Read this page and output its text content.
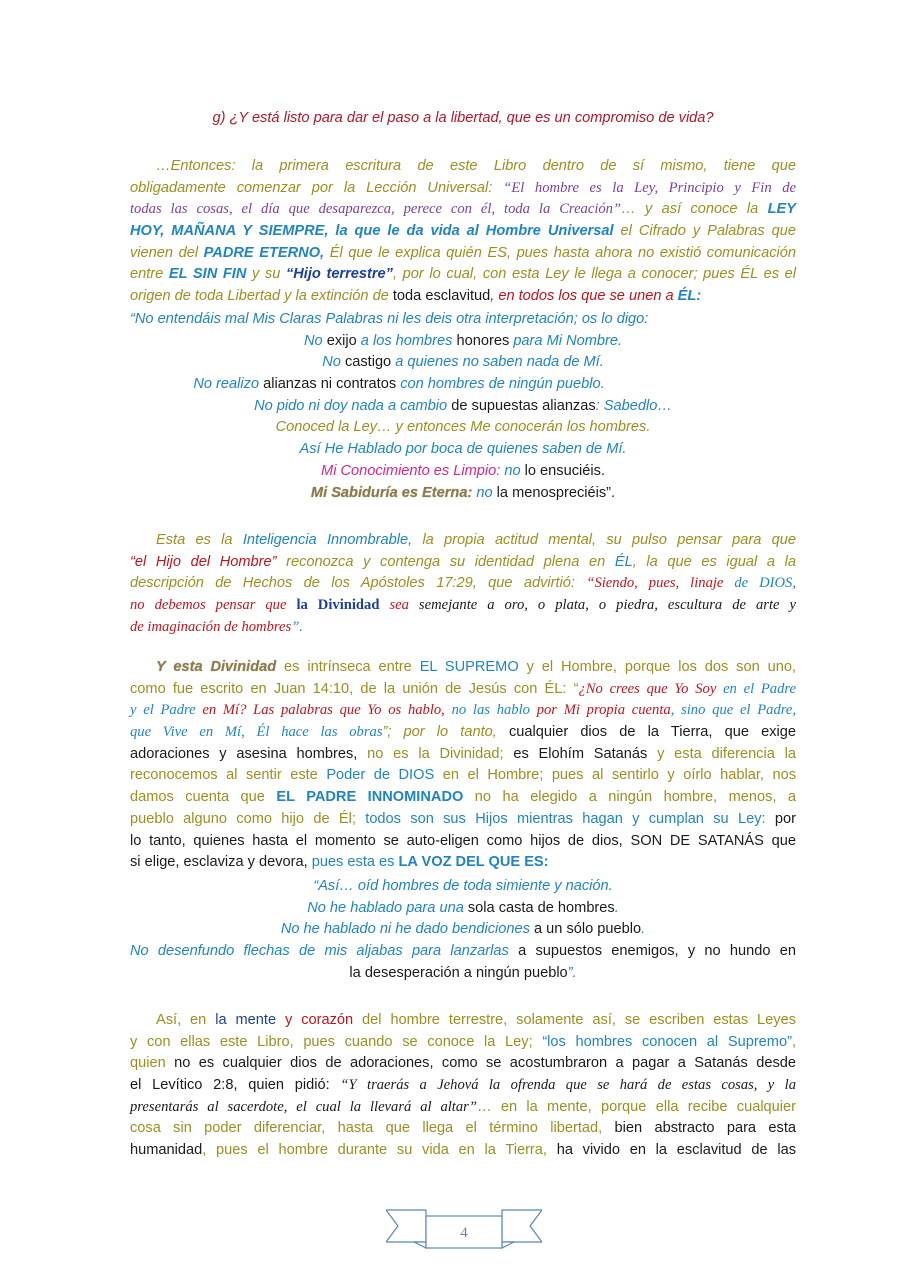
g) ¿Y está listo para dar el paso a la libertad, que es un compromiso de vida?
…Entonces: la primera escritura de este Libro dentro de sí mismo, tiene que
obligadamente comenzar por la Lección Universal: “El hombre es la Ley, Principio y Fin de
todas las cosas, el día que desaparezca, perece con él, toda la Creación”… y así conoce la LEY
HOY, MAÑANA Y SIEMPRE, la que le da vida al Hombre Universal el Cifrado y Palabras que
vienen del PADRE ETERNO, Él que le explica quién ES, pues hasta ahora no existió comunicación
entre EL SIN FIN y su “Hijo terrestre”, por lo cual, con esta Ley le llega a conocer; pues ÉL es el
origen de toda Libertad y la extinción de toda esclavitud, en todos los que se unen a ÉL:
“No entendáis mal Mis Claras Palabras ni les deis otra interpretación; os lo digo:
No exijo a los hombres honores para Mi Nombre.
No castigo a quienes no saben nada de Mí.
No realizo alianzas ni contratos con hombres de ningún pueblo.
No pido ni doy nada a cambio de supuestas alianzas: Sabedlo…
Conoced la Ley… y entonces Me conocerán los hombres.
Así He Hablado por boca de quienes saben de Mí.
Mi Conocimiento es Limpio: no lo ensuciéis.
Mi Sabiduría es Eterna: no la menospreciéis”.
Esta es la Inteligencia Innombrable, la propia actitud mental, su pulso pensar para que
“el Hijo del Hombre” reconozca y contenga su identidad plena en ÉL, la que es igual a la
descripción de Hechos de los Apóstoles 17:29, que advirtió: “Siendo, pues, linaje de DIOS,
no debemos pensar que la Divinidad sea semejante a oro, o plata, o piedra, escultura de arte y
de imaginación de hombres”.
Y esta Divinidad es intrínseca entre EL SUPREMO y el Hombre, porque los dos son uno,
como fue escrito en Juan 14:10, de la unión de Jesús con ÉL: “¿No crees que Yo Soy en el Padre
y el Padre en Mí? Las palabras que Yo os hablo, no las hablo por Mi propia cuenta, sino que el Padre,
que Vive en Mí, Él hace las obras”; por lo tanto, cualquier dios de la Tierra, que exige
adoraciones y asesina hombres, no es la Divinidad; es Elohím Satanás y esta diferencia la
reconocemos al sentir este Poder de DIOS en el Hombre; pues al sentirlo y oírlo hablar, nos
damos cuenta que EL PADRE INNOMINADO no ha elegido a ningún hombre, menos, a
pueblo alguno como hijo de Él; todos son sus Hijos mientras hagan y cumplan su Ley: por
lo tanto, quienes hasta el momento se auto-eligen como hijos de dios, SON DE SATANÁS que
si elige, esclaviza y devora, pues esta es LA VOZ DEL QUE ES:
“Así… oíd hombres de toda simiente y nación.
No he hablado para una sola casta de hombres.
No he hablado ni he dado bendiciones a un sólo pueblo.
No desenfundo flechas de mis aljabas para lanzarlas a supuestos enemigos, y no hundo en
la desesperación a ningún pueblo”.
Así, en la mente y corazón del hombre terrestre, solamente así, se escriben estas Leyes
y con ellas este Libro, pues cuando se conoce la Ley; “los hombres conocen al Supremo”,
quien no es cualquier dios de adoraciones, como se acostumbraron a pagar a Satanás desde
el Levítico 2:8, quien pidió: “Y traerás a Jehová la ofrenda que se hará de estas cosas, y la
presentarás al sacerdote, el cual la llevará al altar”… en la mente, porque ella recibe cualquier
cosa sin poder diferenciar, hasta que llega el término libertad, bien abstracto para esta
humanidad, pues el hombre durante su vida en la Tierra, ha vivido en la esclavitud de las
4
